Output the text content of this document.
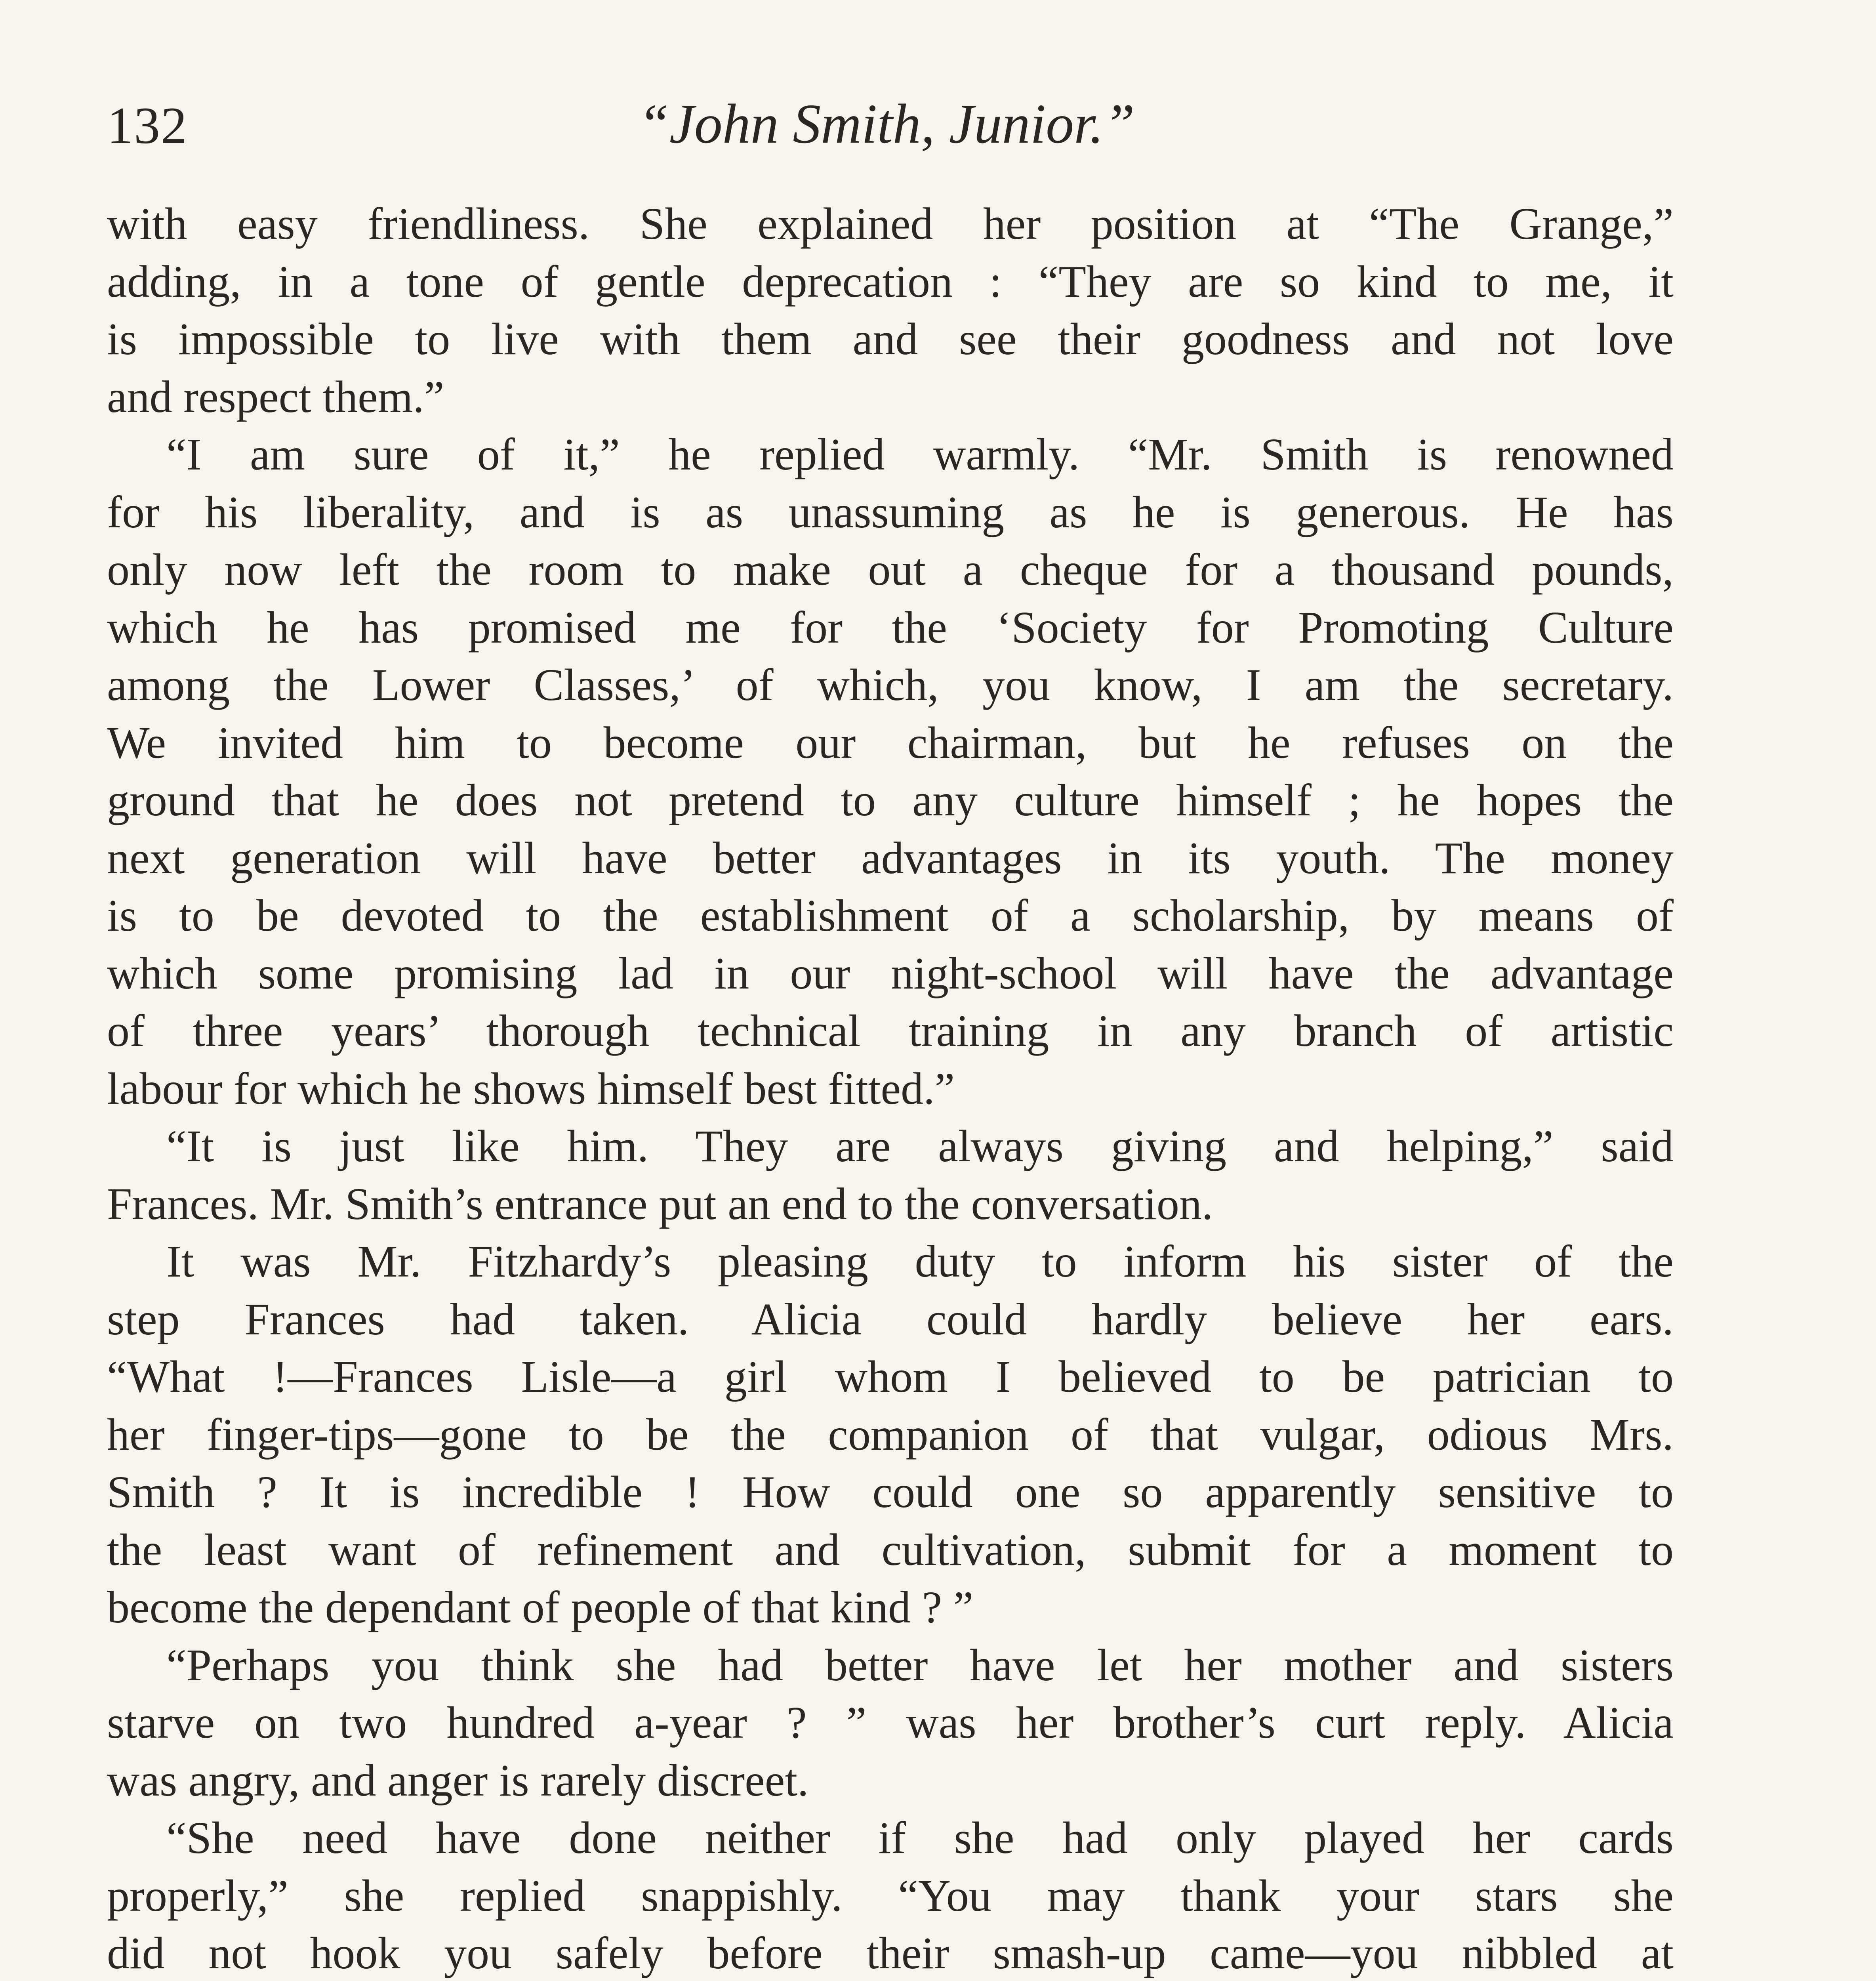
132	“John Smith, Junior.”
with easy friendliness. She explained her position at “The Grange,”
adding, in a tone of gentle deprecation : “They are so kind to me, it
is impossible to live with them and see their goodness and not love
and respect them.”
“I am sure of it,” he replied warmly. “Mr. Smith is renowned
for his liberality, and is as unassuming as he is generous. He has
only now left the room to make out a cheque for a thousand pounds,
which he has promised me for the ‘Society for Promoting Culture
among the Lower Classes,’ of which, you know, I am the secretary.
We invited him to become our chairman, but he refuses on the
ground that he does not pretend to any culture himself ; he hopes the
next generation will have better advantages in its youth. The money
is to be devoted to the establishment of a scholarship, by means of
which some promising lad in our night-school will have the advantage
of three years’ thorough technical training in any branch of artistic
labour for which he shows himself best fitted.”
“It is just like him. They are always giving and helping,” said
Frances. Mr. Smith’s entrance put an end to the conversation.
It was Mr. Fitzhardy’s pleasing duty to inform his sister of the
step Frances had taken. Alicia could hardly believe her ears.
“What !—Frances Lisle—a girl whom I believed to be patrician to
her finger-tips—gone to be the companion of that vulgar, odious Mrs.
Smith ? It is incredible ! How could one so apparently sensitive to
the least want of refinement and cultivation, submit for a moment to
become the dependant of people of that kind ? ”
“Perhaps you think she had better have let her mother and sisters
starve on two hundred a-year ? ” was her brother’s curt reply. Alicia
was angry, and anger is rarely discreet.
“She need have done neither if she had only played her cards
properly,” she replied snappishly. “You may thank your stars she
did not hook you safely before their smash-up came—you nibbled at
